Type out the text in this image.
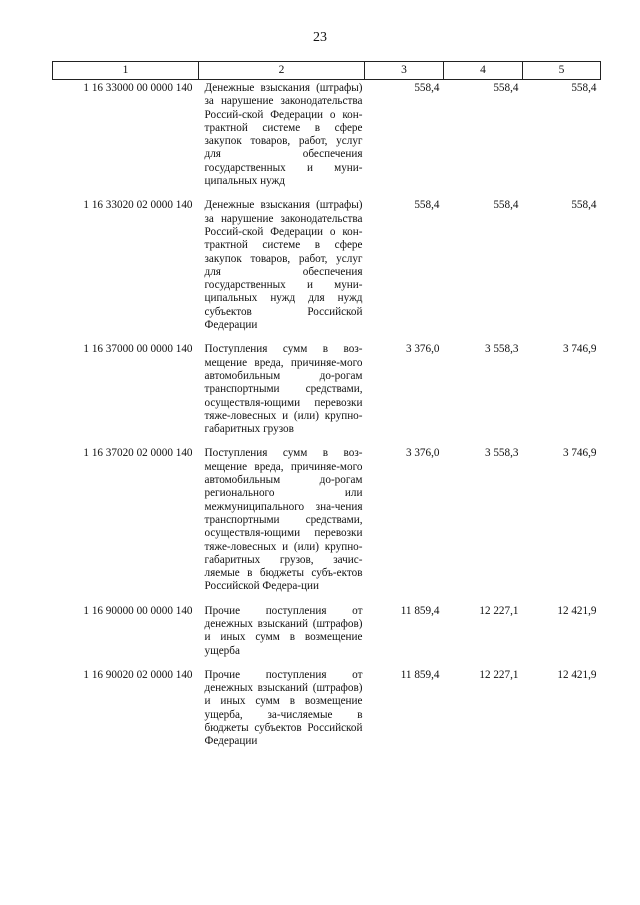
23
1	2	3	4	5
1 16 33000 00 0000 140	Денежные взыскания (штрафы) за нарушение законодательства Россий-ской Федерации о кон-трактной системе в сфере закупок товаров, работ, услуг для обеспечения государственных и муни-ципальных нужд	558,4	558,4	558,4
1 16 33020 02 0000 140	Денежные взыскания (штрафы) за нарушение законодательства Россий-ской Федерации о кон-трактной системе в сфере закупок товаров, работ, услуг для обеспечения государственных и муни-ципальных нужд для нужд субъектов Российской Федерации	558,4	558,4	558,4
1 16 37000 00 0000 140	Поступления сумм в воз-мещение вреда, причиняе-мого автомобильным до-рогам транспортными средствами, осуществля-ющими перевозки тяже-ловесных и (или) крупно-габаритных грузов	3 376,0	3 558,3	3 746,9
1 16 37020 02 0000 140	Поступления сумм в воз-мещение вреда, причиняе-мого автомобильным до-рогам регионального или межмуниципального зна-чения транспортными средствами, осуществля-ющими перевозки тяже-ловесных и (или) крупно-габаритных грузов, зачис-ляемые в бюджеты субъ-ектов Российской Федера-ции	3 376,0	3 558,3	3 746,9
1 16 90000 00 0000 140	Прочие поступления от денежных взысканий (штрафов) и иных сумм в возмещение ущерба	11 859,4	12 227,1	12 421,9
1 16 90020 02 0000 140	Прочие поступления от денежных взысканий (штрафов) и иных сумм в возмещение ущерба, за-числяемые в бюджеты субъектов Российской Федерации	11 859,4	12 227,1	12 421,9
